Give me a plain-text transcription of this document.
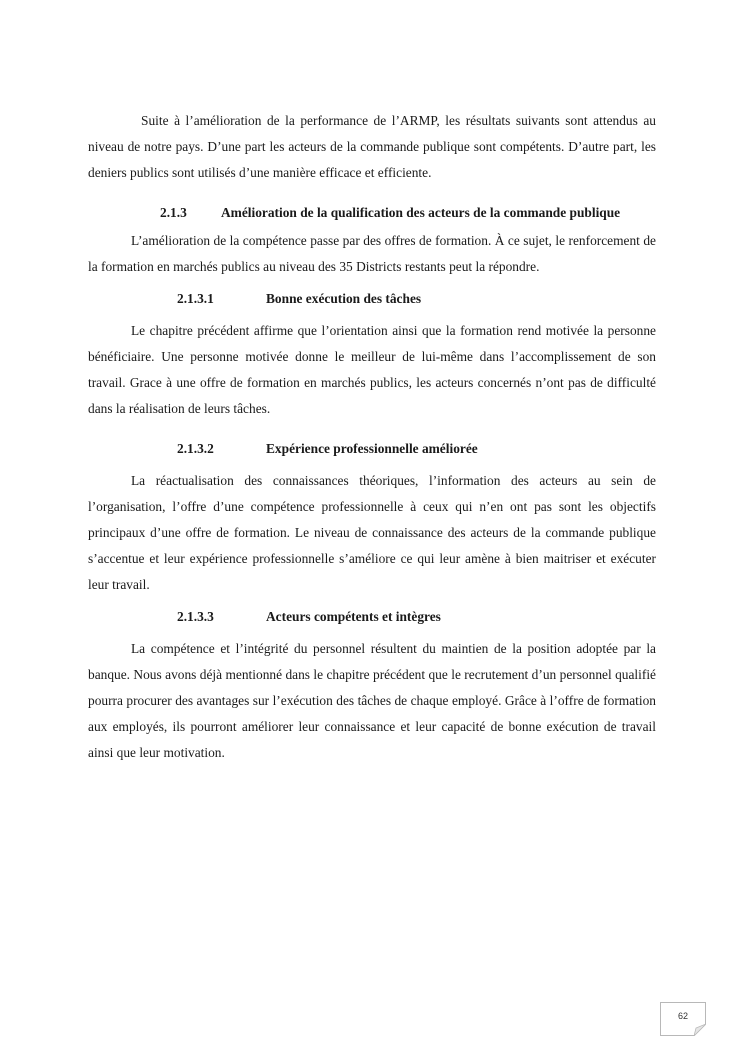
Suite à l’amélioration de la performance de l’ARMP, les résultats suivants sont attendus au niveau de notre pays. D’une part les acteurs de la commande publique sont compétents. D’autre part, les deniers publics sont utilisés d’une manière efficace et efficiente.

2.1.3	Amélioration de la qualification des acteurs de la commande publique

L’amélioration de la compétence passe par des offres de formation. À ce sujet, le renforcement de la formation en marchés publics au niveau des 35 Districts restants peut la répondre.

2.1.3.1	Bonne exécution des tâches

Le chapitre précédent affirme que l’orientation ainsi que la formation rend motivée la personne bénéficiaire. Une personne motivée donne le meilleur de lui-même dans l’accomplissement de son travail. Grace à une offre de formation en marchés publics, les acteurs concernés n’ont pas de difficulté dans la réalisation de leurs tâches.

2.1.3.2	Expérience professionnelle améliorée

La réactualisation des connaissances théoriques, l’information des acteurs au sein de l’organisation, l’offre d’une compétence professionnelle à ceux qui n’en ont pas sont les objectifs principaux d’une offre de formation. Le niveau de connaissance des acteurs de la commande publique s’accentue et leur expérience professionnelle s’améliore ce qui leur amène à bien maitriser et exécuter leur travail.

2.1.3.3	Acteurs compétents et intègres

La compétence et l’intégrité du personnel résultent du maintien de la position adoptée par la banque. Nous avons déjà mentionné dans le chapitre précédent que le recrutement d’un personnel qualifié pourra procurer des avantages sur l’exécution des tâches de chaque employé. Grâce à l’offre de formation aux employés, ils pourront améliorer leur connaissance et leur capacité de bonne exécution de travail ainsi que leur motivation.

62
